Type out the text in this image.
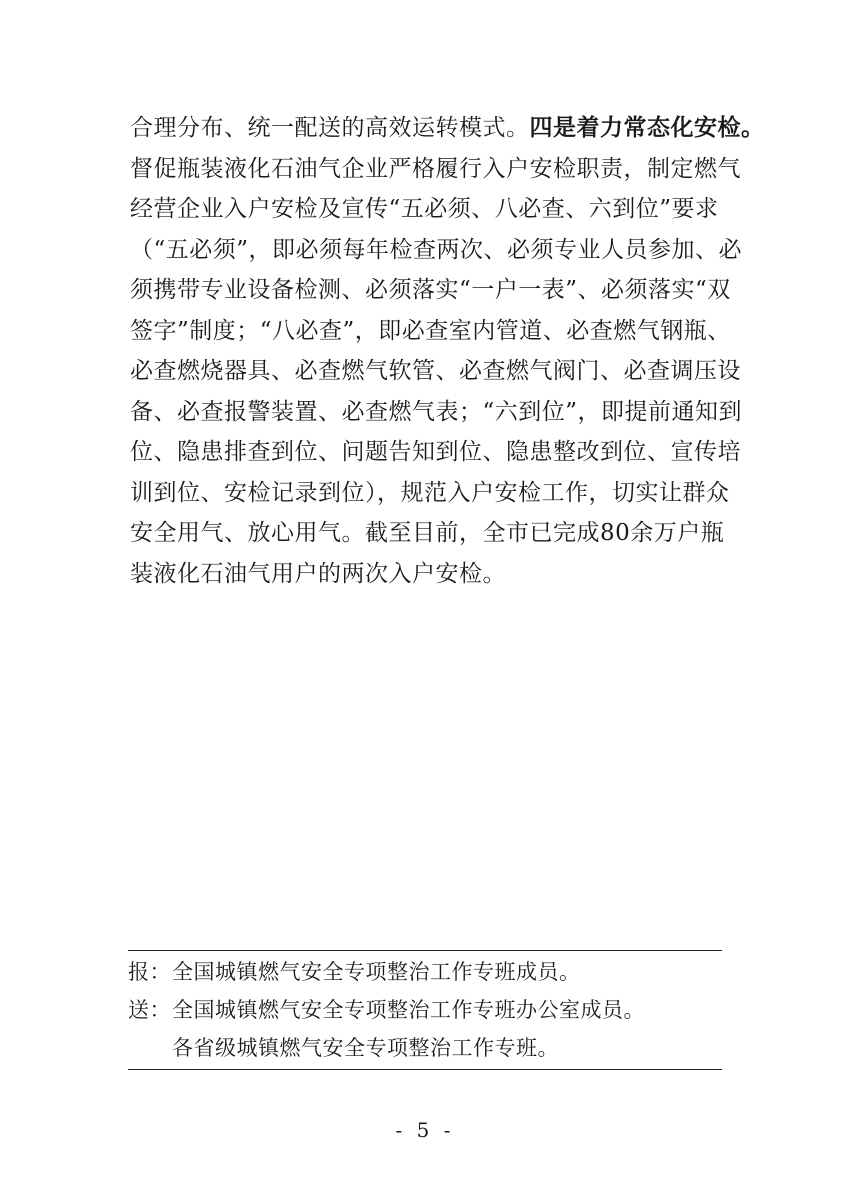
合理分布、统一配送的高效运转模式。四是着力常态化安检。
督促瓶装液化石油气企业严格履行入户安检职责，制定燃气
经营企业入户安检及宣传“五必须、八必查、六到位”要求
（“五必须”，即必须每年检查两次、必须专业人员参加、必
须携带专业设备检测、必须落实“一户一表”、必须落实“双
签字”制度；“八必查”，即必查室内管道、必查燃气钢瓶、
必查燃烧器具、必查燃气软管、必查燃气阀门、必查调压设
备、必查报警装置、必查燃气表；“六到位”，即提前通知到
位、隐患排查到位、问题告知到位、隐患整改到位、宣传培
训到位、安检记录到位），规范入户安检工作，切实让群众
安全用气、放心用气。截至目前，全市已完成80余万户瓶
装液化石油气用户的两次入户安检。
报：全国城镇燃气安全专项整治工作专班成员。
送：全国城镇燃气安全专项整治工作专班办公室成员。
各省级城镇燃气安全专项整治工作专班。
- 5 -
